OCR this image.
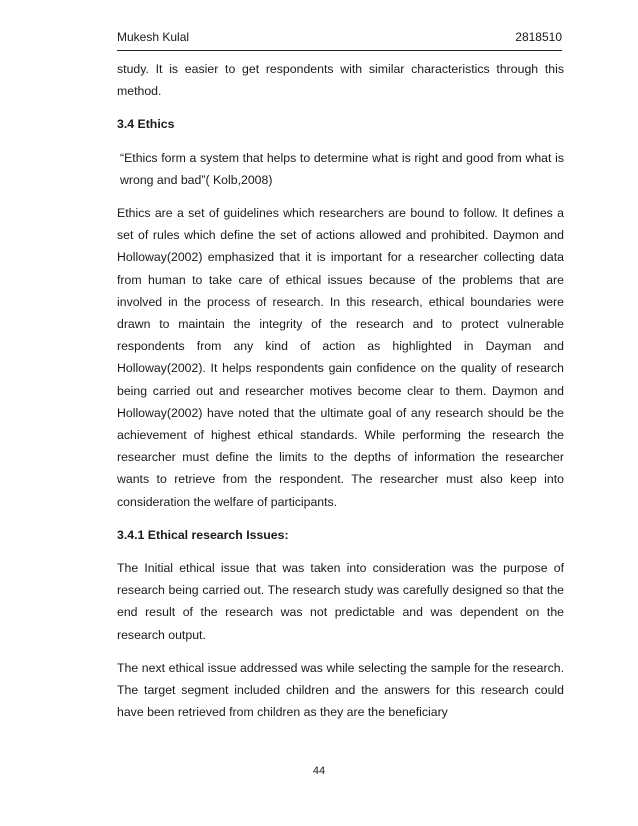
Mukesh Kulal	2818510

study. It is easier to get respondents with similar characteristics through this method.

3.4 Ethics

“Ethics form a system that helps to determine what is right and good from what is wrong and bad”( Kolb,2008)

Ethics are a set of guidelines which researchers are bound to follow. It defines a set of rules which define the set of actions allowed and prohibited. Daymon and Holloway(2002) emphasized that it is important for a researcher collecting data from human to take care of ethical issues because of the problems that are involved in the process of research. In this research, ethical boundaries were drawn to maintain the integrity of the research and to protect vulnerable respondents from any kind of action as highlighted in Dayman and Holloway(2002). It helps respondents gain confidence on the quality of research being carried out and researcher motives become clear to them. Daymon and Holloway(2002) have noted that the ultimate goal of any research should be the achievement of highest ethical standards. While performing the research the researcher must define the limits to the depths of information the researcher wants to retrieve from the respondent. The researcher must also keep into consideration the welfare of participants.

3.4.1 Ethical research Issues:

The Initial ethical issue that was taken into consideration was the purpose of research being carried out. The research study was carefully designed so that the end result of the research was not predictable and was dependent on the research output.

The next ethical issue addressed was while selecting the sample for the research. The target segment included children and the answers for this research could have been retrieved from children as they are the beneficiary

44
